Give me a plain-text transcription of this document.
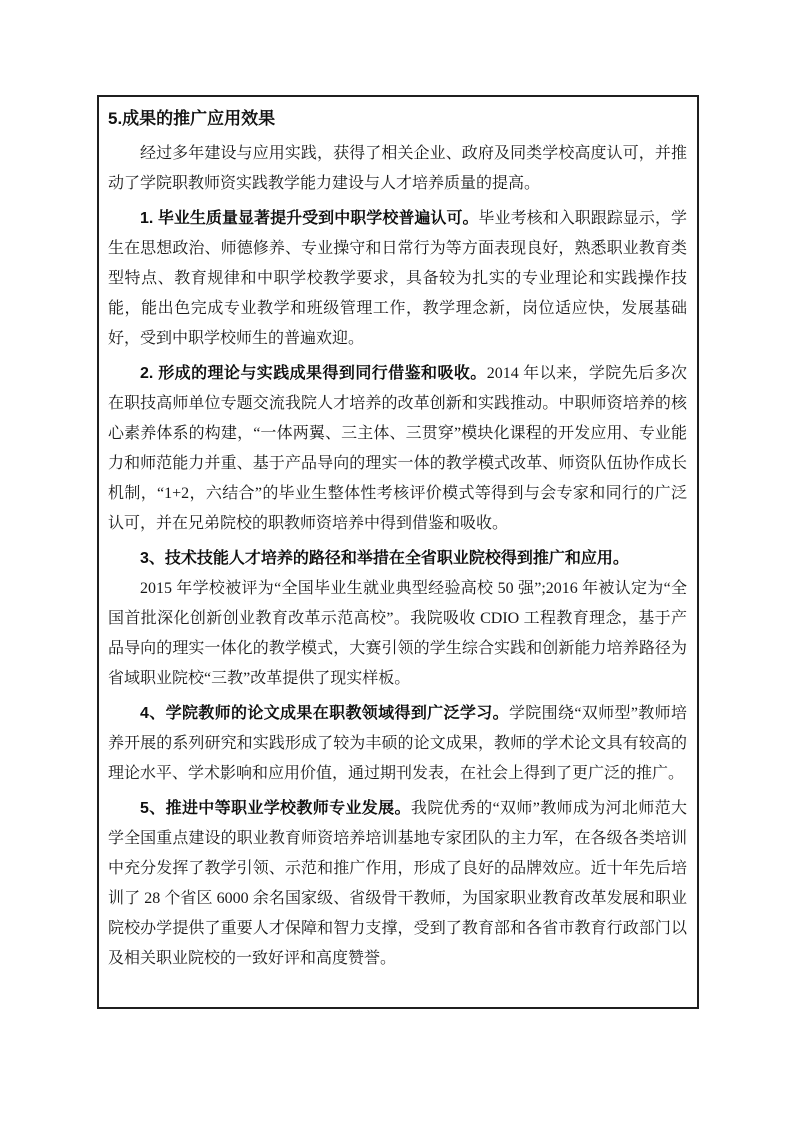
5.成果的推广应用效果

经过多年建设与应用实践，获得了相关企业、政府及同类学校高度认可，并推动了学院职教师资实践教学能力建设与人才培养质量的提高。

1. 毕业生质量显著提升受到中职学校普遍认可。毕业考核和入职跟踪显示，学生在思想政治、师德修养、专业操守和日常行为等方面表现良好，熟悉职业教育类型特点、教育规律和中职学校教学要求，具备较为扎实的专业理论和实践操作技能，能出色完成专业教学和班级管理工作，教学理念新，岗位适应快，发展基础好，受到中职学校师生的普遍欢迎。

2. 形成的理论与实践成果得到同行借鉴和吸收。2014 年以来，学院先后多次在职技高师单位专题交流我院人才培养的改革创新和实践推动。中职师资培养的核心素养体系的构建，“一体两翼、三主体、三贯穿”模块化课程的开发应用、专业能力和师范能力并重、基于产品导向的理实一体的教学模式改革、师资队伍协作成长机制，“1+2，六结合”的毕业生整体性考核评价模式等得到与会专家和同行的广泛认可，并在兄弟院校的职教师资培养中得到借鉴和吸收。

3、技术技能人才培养的路径和举措在全省职业院校得到推广和应用。

2015 年学校被评为“全国毕业生就业典型经验高校 50 强”;2016 年被认定为“全国首批深化创新创业教育改革示范高校”。我院吸收 CDIO 工程教育理念，基于产品导向的理实一体化的教学模式，大赛引领的学生综合实践和创新能力培养路径为省域职业院校“三教”改革提供了现实样板。

4、学院教师的论文成果在职教领域得到广泛学习。学院围绕“双师型”教师培养开展的系列研究和实践形成了较为丰硕的论文成果，教师的学术论文具有较高的理论水平、学术影响和应用价值，通过期刊发表，在社会上得到了更广泛的推广。

5、推进中等职业学校教师专业发展。我院优秀的“双师”教师成为河北师范大学全国重点建设的职业教育师资培养培训基地专家团队的主力军，在各级各类培训中充分发挥了教学引领、示范和推广作用，形成了良好的品牌效应。近十年先后培训了 28 个省区 6000 余名国家级、省级骨干教师，为国家职业教育改革发展和职业院校办学提供了重要人才保障和智力支撑，受到了教育部和各省市教育行政部门以及相关职业院校的一致好评和高度赞誉。
